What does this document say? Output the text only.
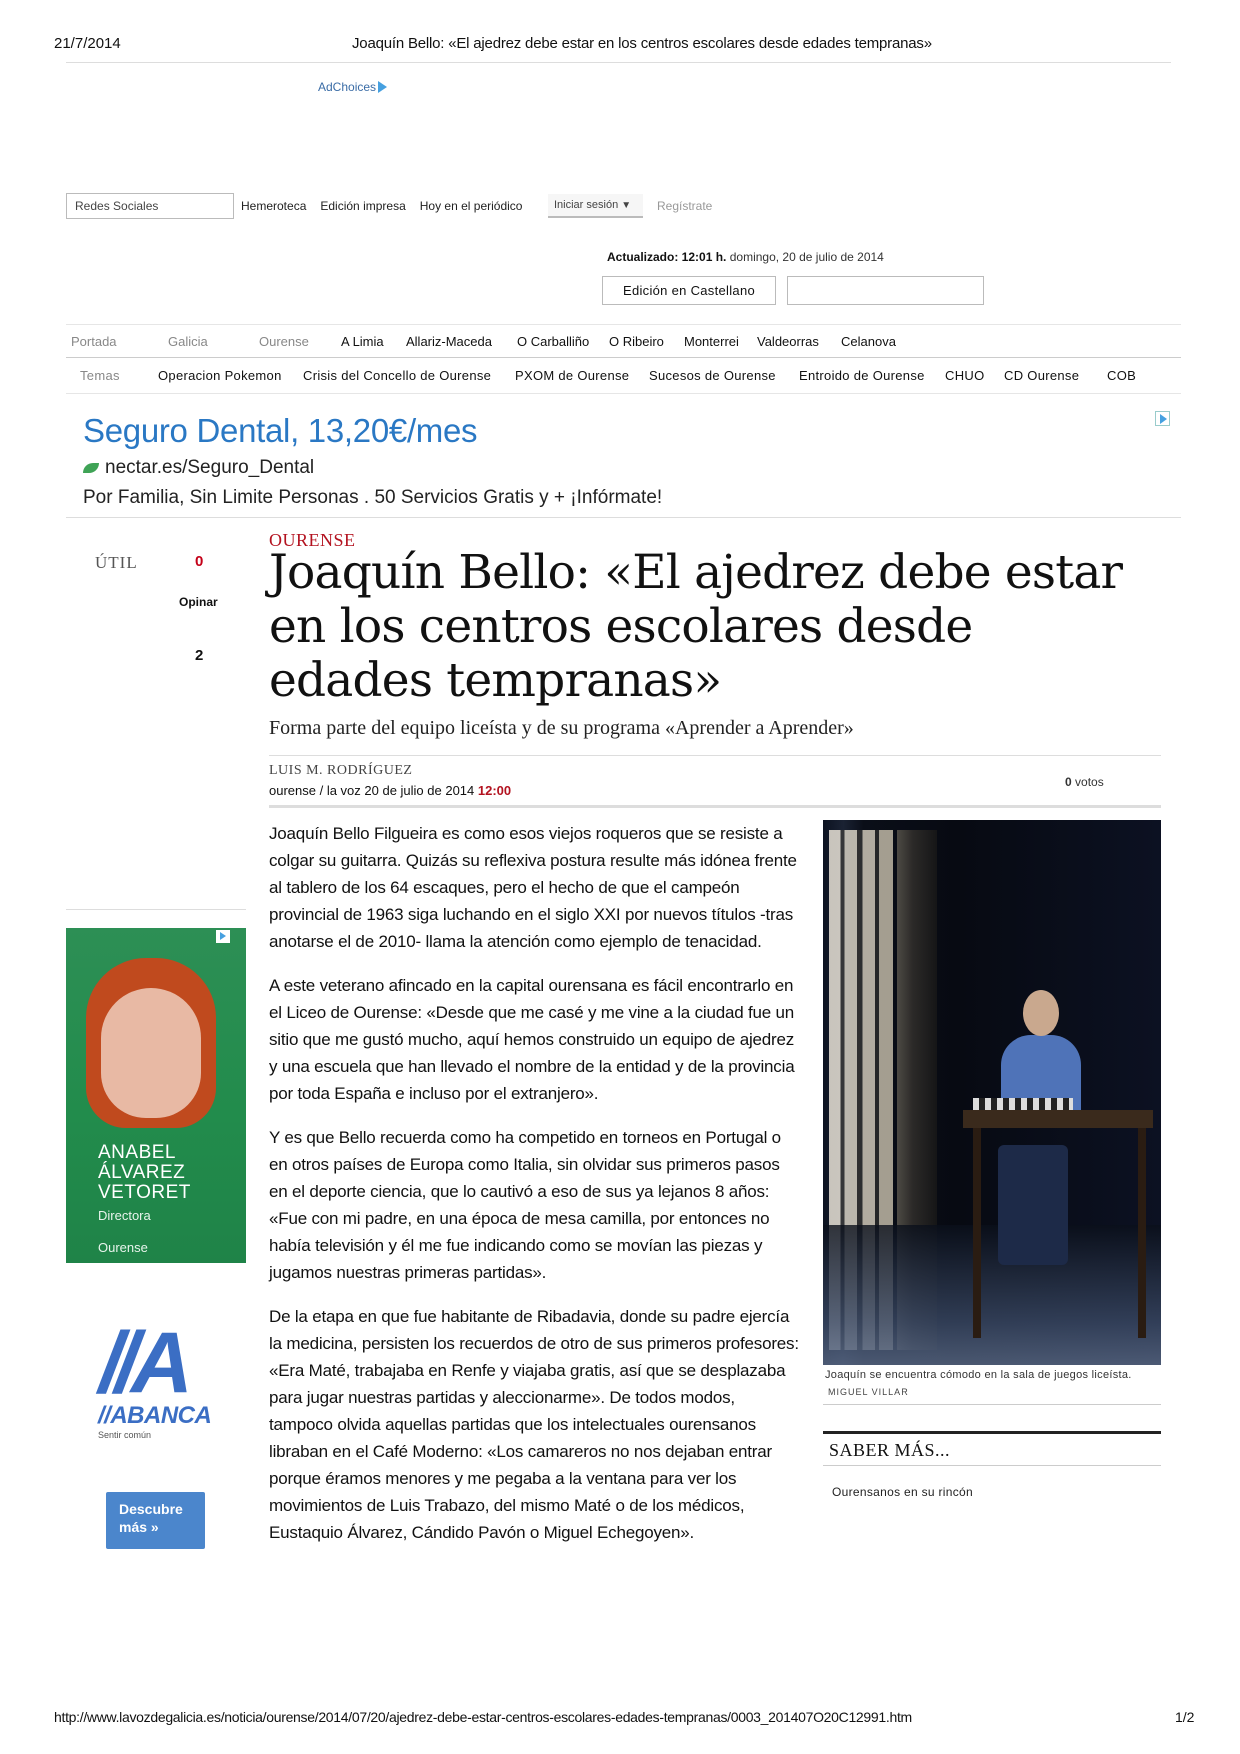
21/7/2014	Joaquín Bello: «El ajedrez debe estar en los centros escolares desde edades tempranas»
AdChoices
Redes Sociales	Hemeroteca Edición impresa Hoy en el periódico	Iniciar sesión ▼	Regístrate
Actualizado: 12:01 h. domingo, 20 de julio de 2014
Edición en Castellano
Portada	Galicia	Ourense A Limia Allariz-Maceda O Carballiño O Ribeiro Monterrei Valdeorras Celanova
Temas	Operacion Pokemon Crisis del Concello de Ourense PXOM de Ourense Sucesos de Ourense Entroido de Ourense CHUO CD Ourense COB
Seguro Dental, 13,20€/mes
nectar.es/Seguro_Dental
Por Familia, Sin Limite Personas . 50 Servicios Gratis y + ¡Infórmate!
ÚTIL	0
Opinar
2
OURENSE
Joaquín Bello: «El ajedrez debe estar en los centros escolares desde edades tempranas»
Forma parte del equipo liceísta y de su programa «Aprender a Aprender»
LUIS M. RODRÍGUEZ
ourense / la voz 20 de julio de 2014 12:00
0 votos

Joaquín Bello Filgueira es como esos viejos roqueros que se resiste a colgar su guitarra. Quizás su reflexiva postura resulte más idónea frente al tablero de los 64 escaques, pero el hecho de que el campeón provincial de 1963 siga luchando en el siglo XXI por nuevos títulos -tras anotarse el de 2010- llama la atención como ejemplo de tenacidad.

A este veterano afincado en la capital ourensana es fácil encontrarlo en el Liceo de Ourense: «Desde que me casé y me vine a la ciudad fue un sitio que me gustó mucho, aquí hemos construido un equipo de ajedrez y una escuela que han llevado el nombre de la entidad y de la provincia por toda España e incluso por el extranjero».

Y es que Bello recuerda como ha competido en torneos en Portugal o en otros países de Europa como Italia, sin olvidar sus primeros pasos en el deporte ciencia, que lo cautivó a eso de sus ya lejanos 8 años: «Fue con mi padre, en una época de mesa camilla, por entonces no había televisión y él me fue indicando como se movían las piezas y jugamos nuestras primeras partidas».

De la etapa en que fue habitante de Ribadavia, donde su padre ejercía la medicina, persisten los recuerdos de otro de sus primeros profesores: «Era Maté, trabajaba en Renfe y viajaba gratis, así que se desplazaba para jugar nuestras partidas y aleccionarme». De todos modos, tampoco olvida aquellas partidas que los intelectuales ourensanos libraban en el Café Moderno: «Los camareros no nos dejaban entrar porque éramos menores y me pegaba a la ventana para ver los movimientos de Luis Trabazo, del mismo Maté o de los médicos, Eustaquio Álvarez, Cándido Pavón o Miguel Echegoyen».

Joaquín se encuentra cómodo en la sala de juegos liceísta.
MIGUEL VILLAR
SABER MÁS...
Ourensanos en su rincón
ANABEL
ÁLVAREZ
VETORET
Directora
Ourense
//A
//ABANCA
Sentir común
Descubre
más »
http://www.lavozdegalicia.es/noticia/ourense/2014/07/20/ajedrez-debe-estar-centros-escolares-edades-tempranas/0003_201407O20C12991.htm	1/2
